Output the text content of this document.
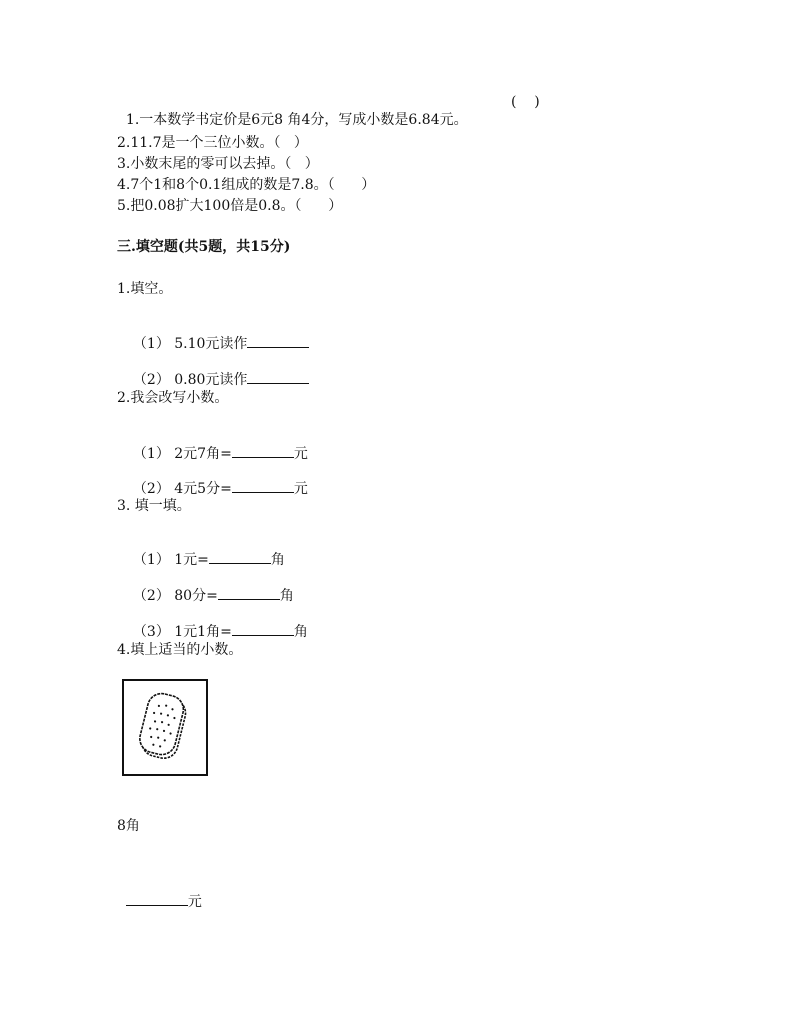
1.一本数学书定价是6元8 角4分，写成小数是6.84元。

(    )
2.11.7是一个三位小数。（   ）
3.小数末尾的零可以去掉。（   ）
4.7个1和8个0.1组成的数是7.8。（      ）
5.把0.08扩大100倍是0.8。（      ）
三.填空题(共5题，共15分)
1.填空。

（1） 5.10元读作

（2） 0.80元读作

2.我会改写小数。

（1） 2元7角=	元

（2） 4元5分=	元

3. 填一填。

（1） 1元=	角

（2） 80分=	角

（3） 1元1角=	角

4.填上适当的小数。
8角

元
